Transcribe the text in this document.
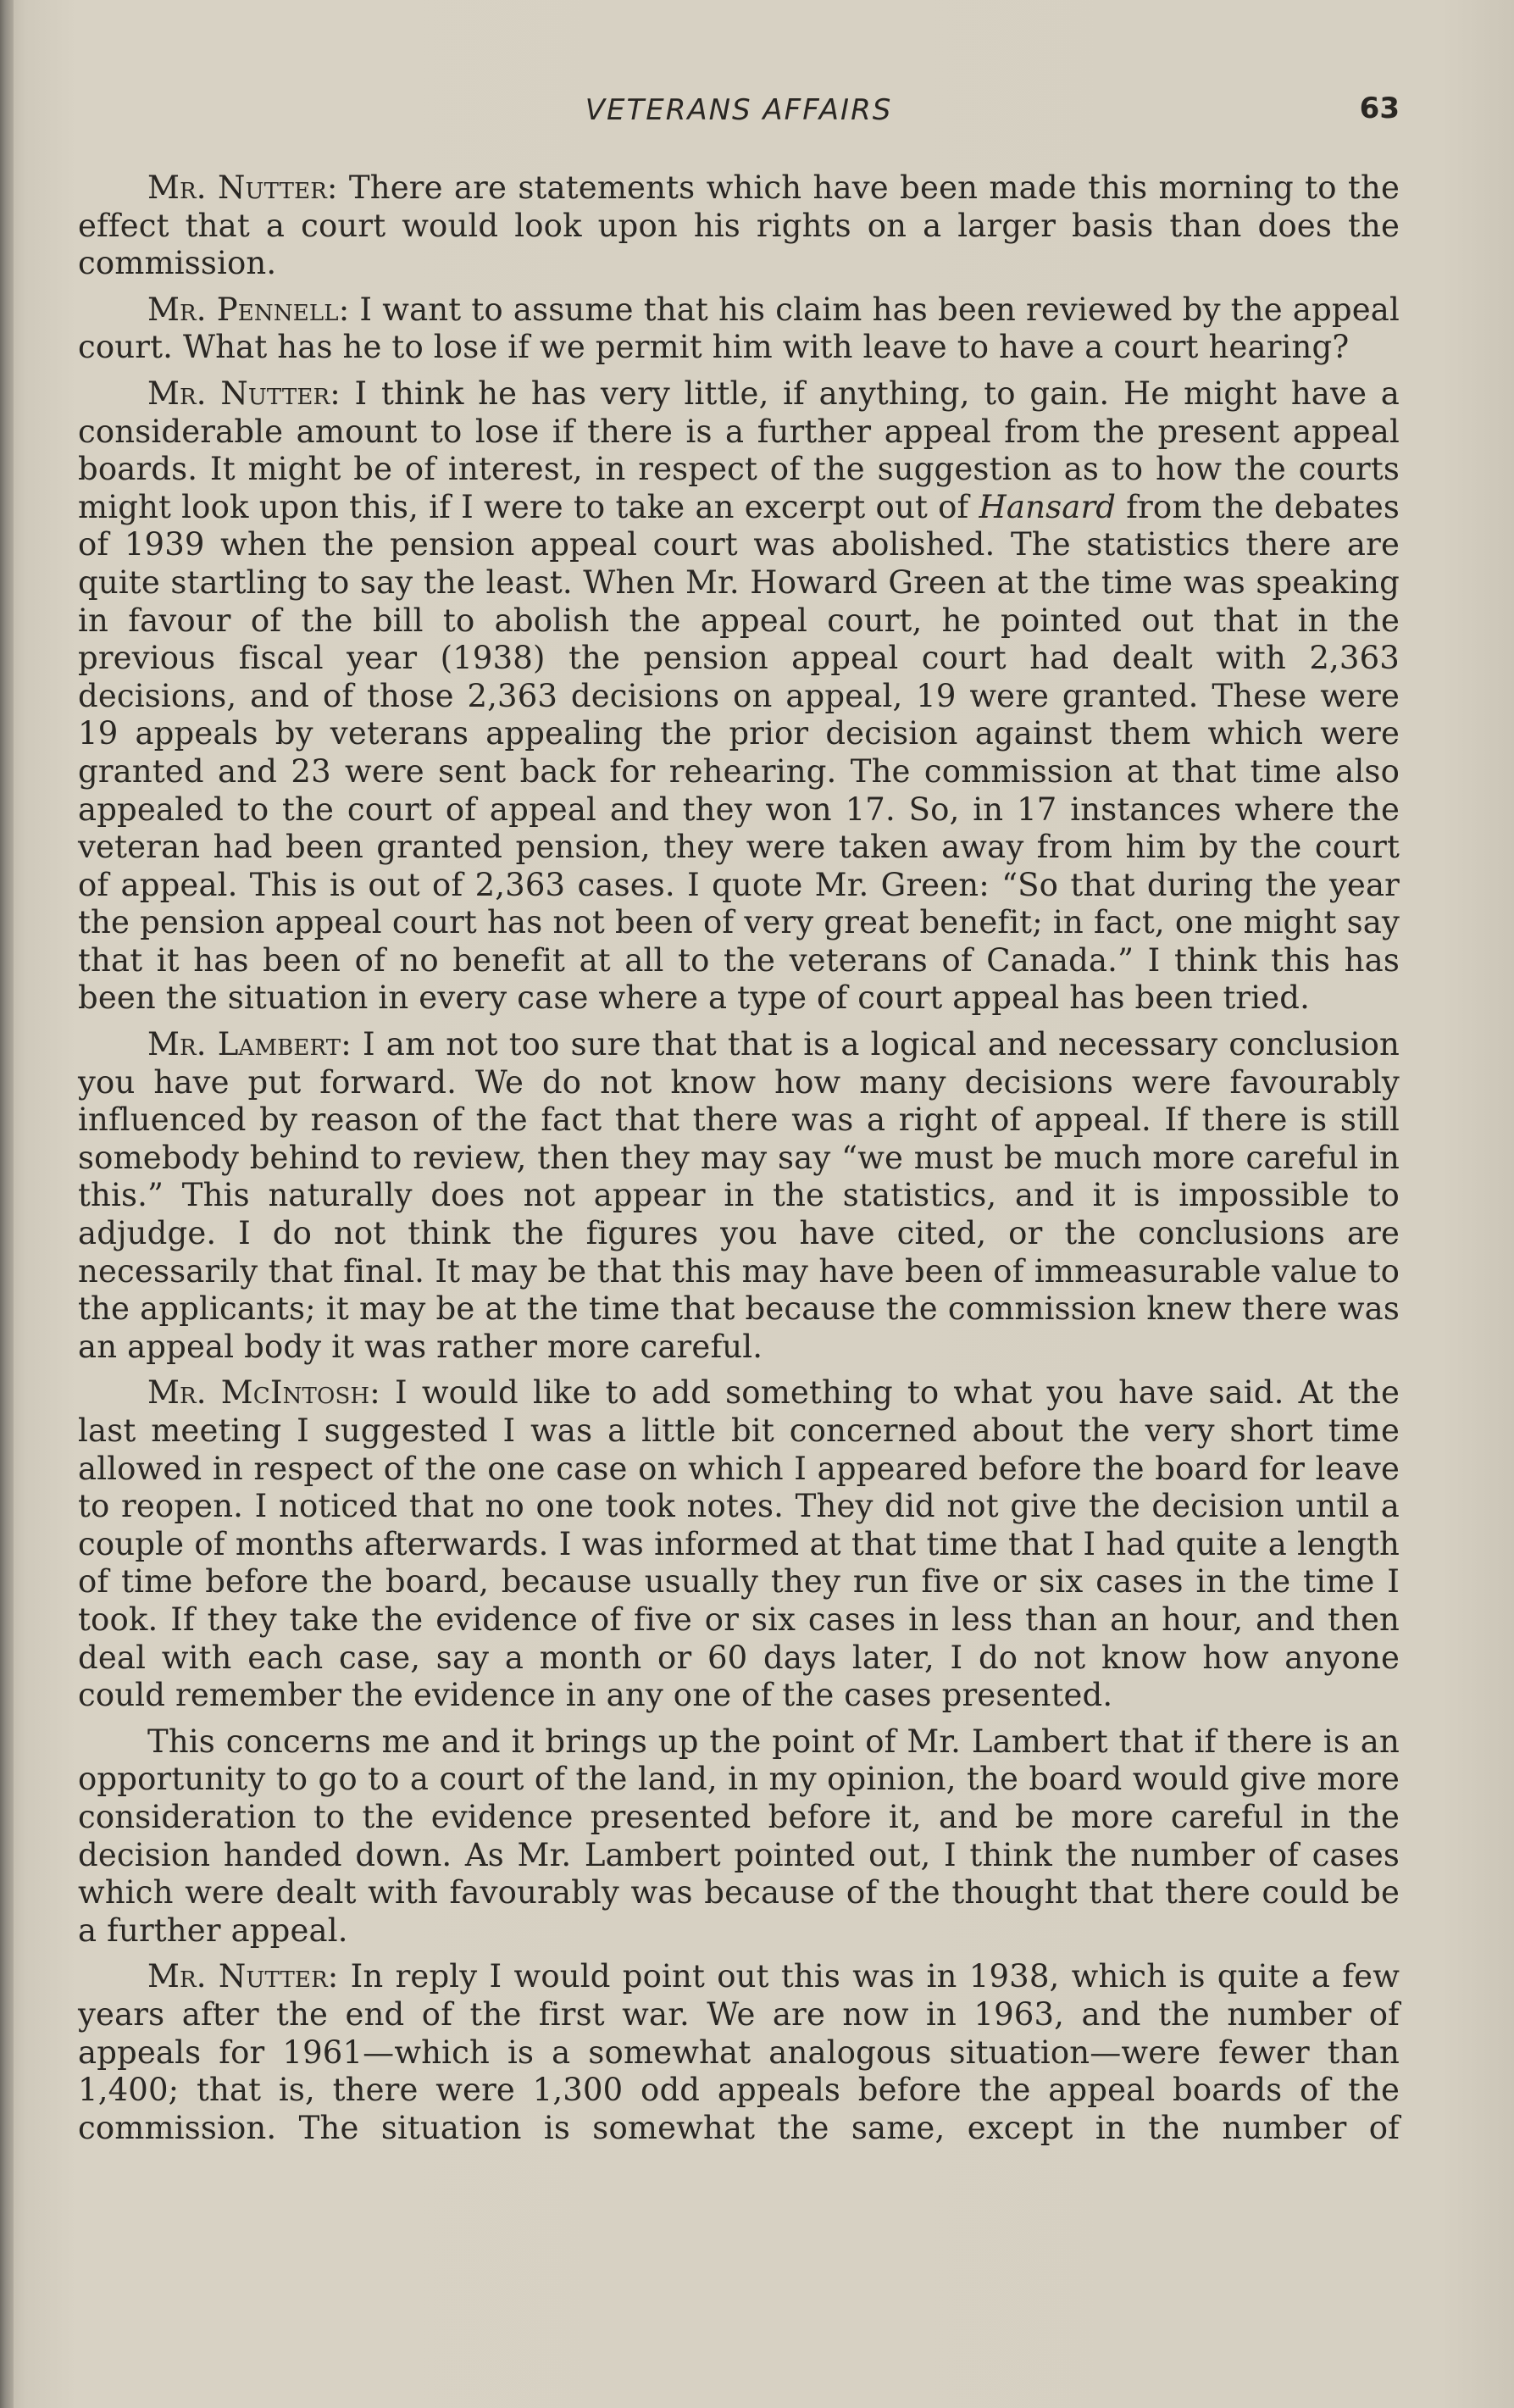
VETERANS AFFAIRS	63

Mr. Nutter: There are statements which have been made this morning to the effect that a court would look upon his rights on a larger basis than does the commission.

Mr. Pennell: I want to assume that his claim has been reviewed by the appeal court. What has he to lose if we permit him with leave to have a court hearing?

Mr. Nutter: I think he has very little, if anything, to gain. He might have a considerable amount to lose if there is a further appeal from the present appeal boards. It might be of interest, in respect of the suggestion as to how the courts might look upon this, if I were to take an excerpt out of Hansard from the debates of 1939 when the pension appeal court was abolished. The statistics there are quite startling to say the least. When Mr. Howard Green at the time was speaking in favour of the bill to abolish the appeal court, he pointed out that in the previous fiscal year (1938) the pension appeal court had dealt with 2,363 decisions, and of those 2,363 decisions on appeal, 19 were granted. These were 19 appeals by veterans appealing the prior decision against them which were granted and 23 were sent back for rehearing. The commission at that time also appealed to the court of appeal and they won 17. So, in 17 instances where the veteran had been granted pension, they were taken away from him by the court of appeal. This is out of 2,363 cases. I quote Mr. Green: “So that during the year the pension appeal court has not been of very great benefit; in fact, one might say that it has been of no benefit at all to the veterans of Canada.” I think this has been the situation in every case where a type of court appeal has been tried.

Mr. Lambert: I am not too sure that that is a logical and necessary conclusion you have put forward. We do not know how many decisions were favourably influenced by reason of the fact that there was a right of appeal. If there is still somebody behind to review, then they may say “we must be much more careful in this.” This naturally does not appear in the statistics, and it is impossible to adjudge. I do not think the figures you have cited, or the conclusions are necessarily that final. It may be that this may have been of immeasurable value to the applicants; it may be at the time that because the commission knew there was an appeal body it was rather more careful.

Mr. McIntosh: I would like to add something to what you have said. At the last meeting I suggested I was a little bit concerned about the very short time allowed in respect of the one case on which I appeared before the board for leave to reopen. I noticed that no one took notes. They did not give the decision until a couple of months afterwards. I was informed at that time that I had quite a length of time before the board, because usually they run five or six cases in the time I took. If they take the evidence of five or six cases in less than an hour, and then deal with each case, say a month or 60 days later, I do not know how anyone could remember the evidence in any one of the cases presented.

This concerns me and it brings up the point of Mr. Lambert that if there is an opportunity to go to a court of the land, in my opinion, the board would give more consideration to the evidence presented before it, and be more careful in the decision handed down. As Mr. Lambert pointed out, I think the number of cases which were dealt with favourably was because of the thought that there could be a further appeal.

Mr. Nutter: In reply I would point out this was in 1938, which is quite a few years after the end of the first war. We are now in 1963, and the number of appeals for 1961—which is a somewhat analogous situation—were fewer than 1,400; that is, there were 1,300 odd appeals before the appeal boards of the commission. The situation is somewhat the same, except in the number of
